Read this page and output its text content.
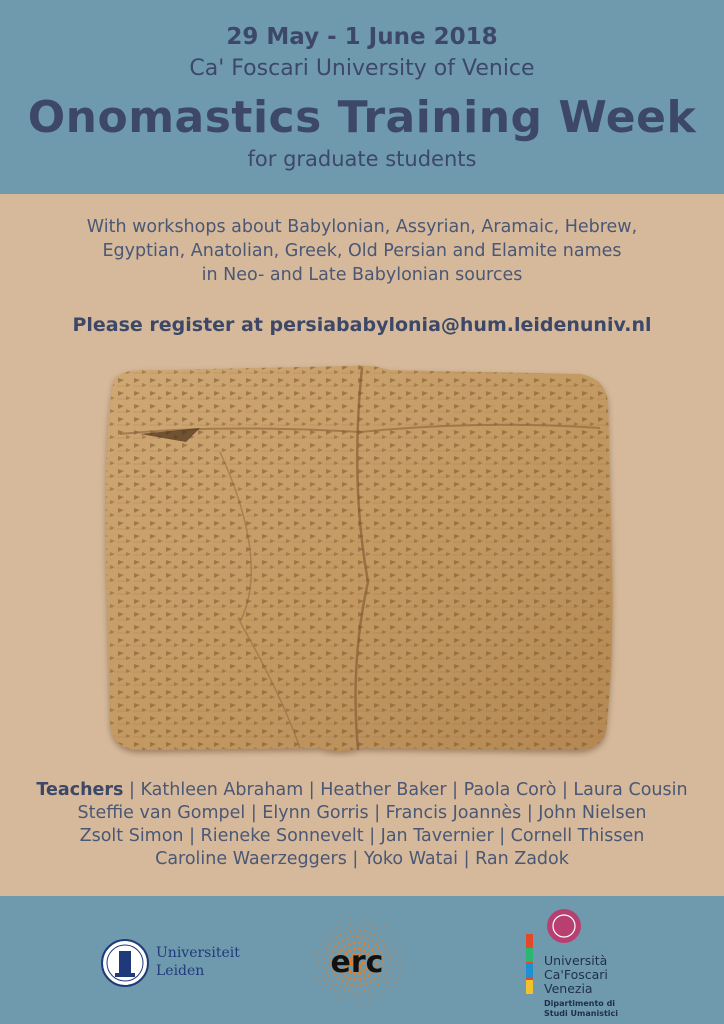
29 May - 1 June 2018
Ca' Foscari University of Venice
Onomastics Training Week
for graduate students
With workshops about Babylonian, Assyrian, Aramaic, Hebrew,
Egyptian, Anatolian, Greek, Old Persian and Elamite names
in Neo- and Late Babylonian sources
Please register at persiababylonia@hum.leidenuniv.nl
Teachers | Kathleen Abraham | Heather Baker | Paola Corò | Laura Cousin
Steffie van Gompel | Elynn Gorris | Francis Joannès | John Nielsen
Zsolt Simon | Rieneke Sonnevelt | Jan Tavernier | Cornell Thissen
Caroline Waerzeggers | Yoko Watai | Ran Zadok
Universiteit
Leiden	erc	Università
Ca'Foscari
Venezia
Dipartimento di
Studi Umanistici
